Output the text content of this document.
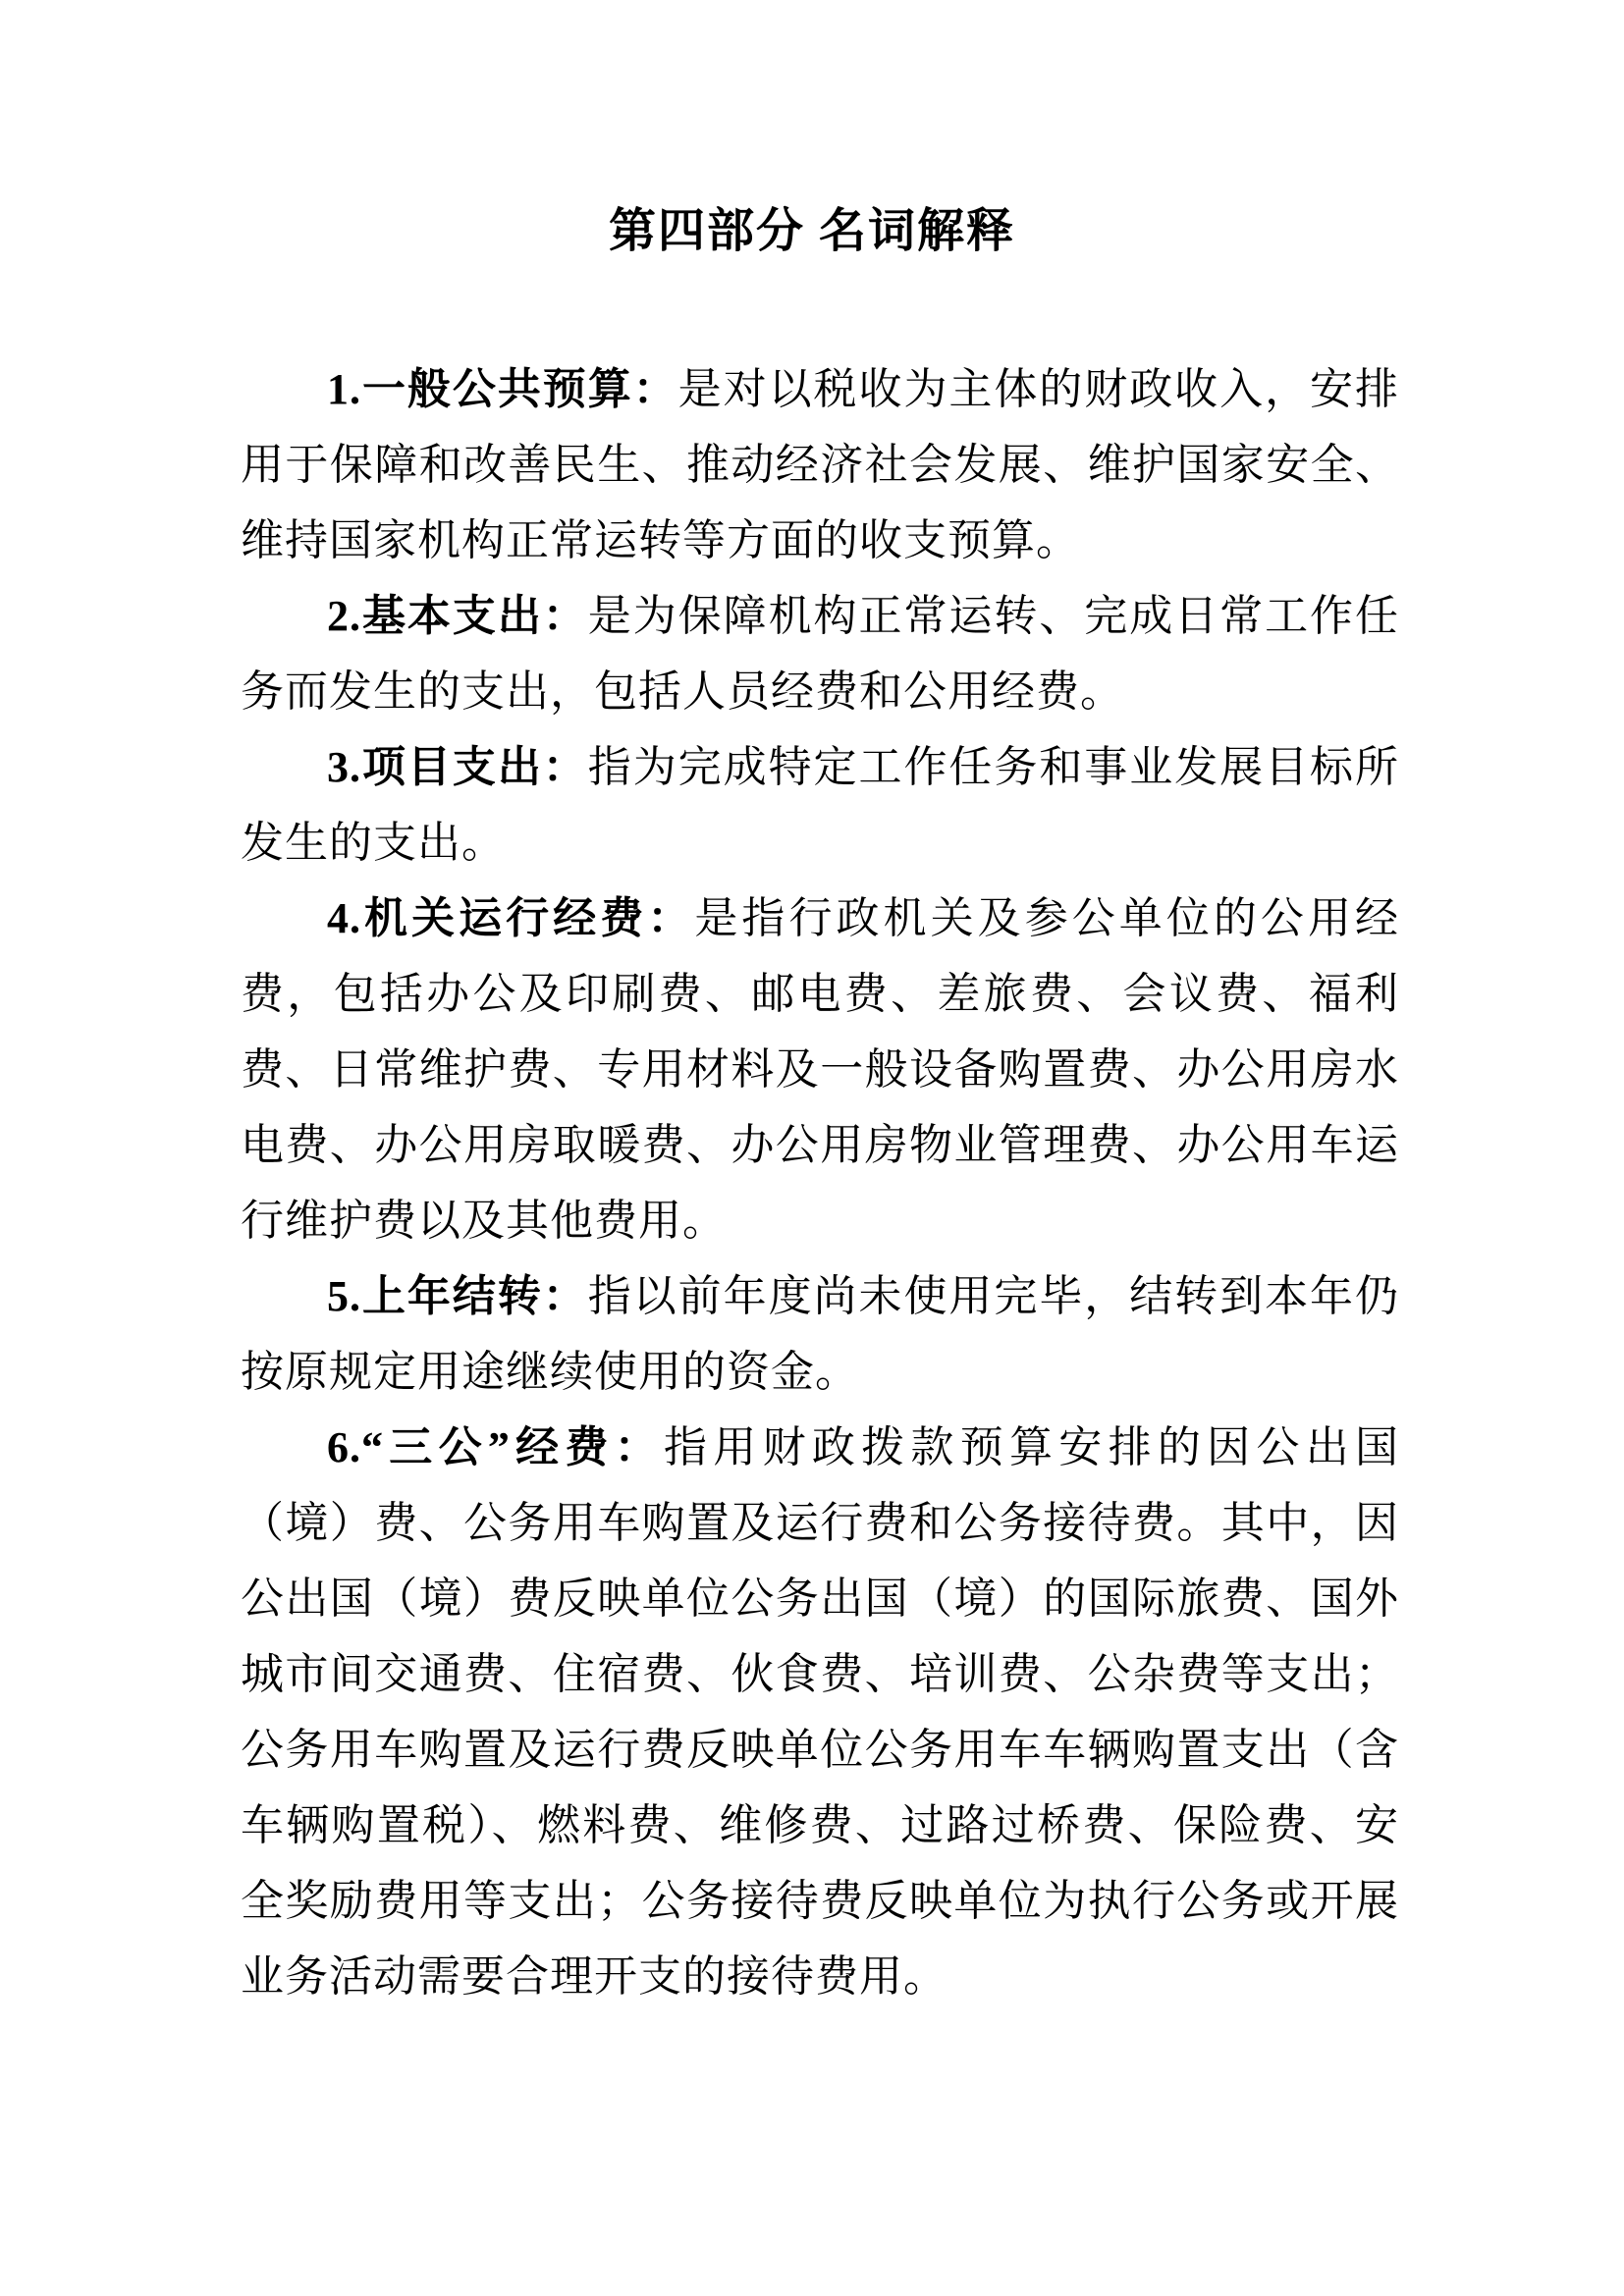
第四部分 名词解释

1.一般公共预算：是对以税收为主体的财政收入，安排用于保障和改善民生、推动经济社会发展、维护国家安全、维持国家机构正常运转等方面的收支预算。

2.基本支出：是为保障机构正常运转、完成日常工作任务而发生的支出，包括人员经费和公用经费。

3.项目支出：指为完成特定工作任务和事业发展目标所发生的支出。

4.机关运行经费：是指行政机关及参公单位的公用经费，包括办公及印刷费、邮电费、差旅费、会议费、福利费、日常维护费、专用材料及一般设备购置费、办公用房水电费、办公用房取暖费、办公用房物业管理费、办公用车运行维护费以及其他费用。

5.上年结转：指以前年度尚未使用完毕，结转到本年仍按原规定用途继续使用的资金。

6.“三公”经费：指用财政拨款预算安排的因公出国（境）费、公务用车购置及运行费和公务接待费。其中，因公出国（境）费反映单位公务出国（境）的国际旅费、国外城市间交通费、住宿费、伙食费、培训费、公杂费等支出；公务用车购置及运行费反映单位公务用车车辆购置支出（含车辆购置税）、燃料费、维修费、过路过桥费、保险费、安全奖励费用等支出；公务接待费反映单位为执行公务或开展业务活动需要合理开支的接待费用。
